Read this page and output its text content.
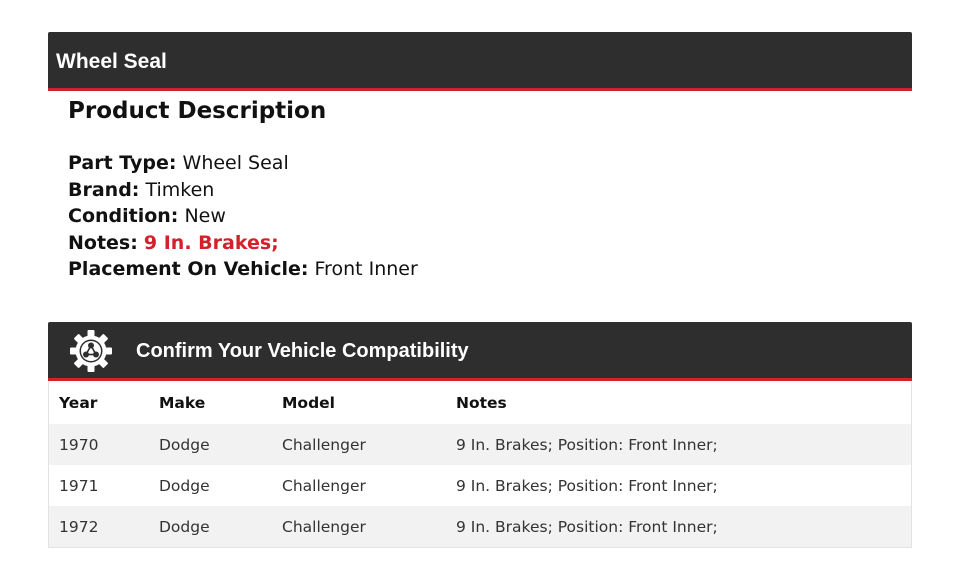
Wheel Seal
Product Description
Part Type: Wheel Seal
Brand: Timken
Condition: New
Notes: 9 In. Brakes;
Placement On Vehicle: Front Inner
Confirm Your Vehicle Compatibility
Year	Make	Model	Notes
1970	Dodge	Challenger	9 In. Brakes; Position: Front Inner;
1971	Dodge	Challenger	9 In. Brakes; Position: Front Inner;
1972	Dodge	Challenger	9 In. Brakes; Position: Front Inner;
